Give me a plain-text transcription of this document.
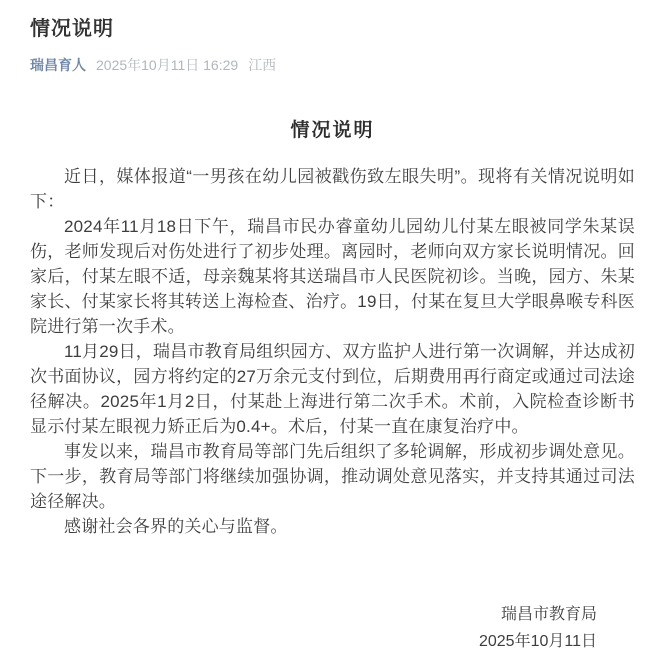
情况说明
瑞昌育人 2025年10月11日 16:29 江西
情况说明

近日，媒体报道“一男孩在幼儿园被戳伤致左眼失明”。现将有关情况说明如下：

2024年11月18日下午，瑞昌市民办睿童幼儿园幼儿付某左眼被同学朱某误伤，老师发现后对伤处进行了初步处理。离园时，老师向双方家长说明情况。回家后，付某左眼不适，母亲魏某将其送瑞昌市人民医院初诊。当晚，园方、朱某家长、付某家长将其转送上海检查、治疗。19日，付某在复旦大学眼鼻喉专科医院进行第一次手术。

11月29日，瑞昌市教育局组织园方、双方监护人进行第一次调解，并达成初次书面协议，园方将约定的27万余元支付到位，后期费用再行商定或通过司法途径解决。2025年1月2日，付某赴上海进行第二次手术。术前，入院检查诊断书显示付某左眼视力矫正后为0.4+。术后，付某一直在康复治疗中。

事发以来，瑞昌市教育局等部门先后组织了多轮调解，形成初步调处意见。下一步，教育局等部门将继续加强协调，推动调处意见落实，并支持其通过司法途径解决。

感谢社会各界的关心与监督。

瑞昌市教育局
2025年10月11日
